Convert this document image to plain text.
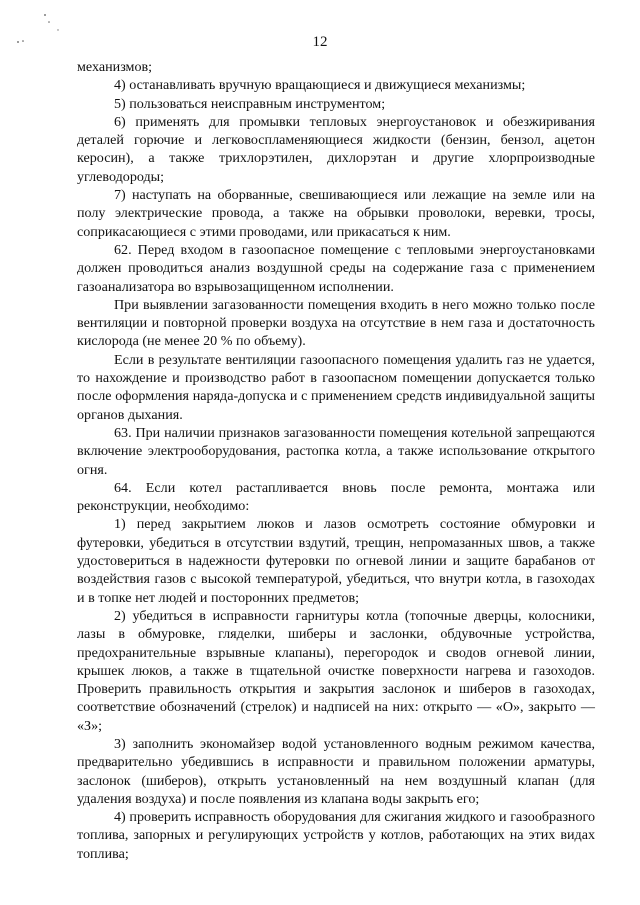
12

механизмов;

4) останавливать вручную вращающиеся и движущиеся механизмы;

5) пользоваться неисправным инструментом;

6) применять для промывки тепловых энергоустановок и обезжиривания деталей горючие и легковоспламеняющиеся жидкости (бензин, бензол, ацетон керосин), а также трихлорэтилен, дихлорэтан и другие хлорпроизводные углеводороды;

7) наступать на оборванные, свешивающиеся или лежащие на земле или на полу электрические провода, а также на обрывки проволоки, веревки, тросы, соприкасающиеся с этими проводами, или прикасаться к ним.

62. Перед входом в газоопасное помещение с тепловыми энергоустановками должен проводиться анализ воздушной среды на содержание газа с применением газоанализатора во взрывозащищенном исполнении.

При выявлении загазованности помещения входить в него можно только после вентиляции и повторной проверки воздуха на отсутствие в нем газа и достаточность кислорода (не менее 20 % по объему).

Если в результате вентиляции газоопасного помещения удалить газ не удается, то нахождение и производство работ в газоопасном помещении допускается только после оформления наряда-допуска и с применением средств индивидуальной защиты органов дыхания.

63. При наличии признаков загазованности помещения котельной запрещаются включение электрооборудования, растопка котла, а также использование открытого огня.

64. Если котел растапливается вновь после ремонта, монтажа или реконструкции, необходимо:

1) перед закрытием люков и лазов осмотреть состояние обмуровки и футеровки, убедиться в отсутствии вздутий, трещин, непромазанных швов, а также удостовериться в надежности футеровки по огневой линии и защите барабанов от воздействия газов с высокой температурой, убедиться, что внутри котла, в газоходах и в топке нет людей и посторонних предметов;

2) убедиться в исправности гарнитуры котла (топочные дверцы, колосники, лазы в обмуровке, гляделки, шиберы и заслонки, обдувочные устройства, предохранительные взрывные клапаны), перегородок и сводов огневой линии, крышек люков, а также в тщательной очистке поверхности нагрева и газоходов. Проверить правильность открытия и закрытия заслонок и шиберов в газоходах, соответствие обозначений (стрелок) и надписей на них: открыто — «О», закрыто — «З»;

3) заполнить экономайзер водой установленного водным режимом качества, предварительно убедившись в исправности и правильном положении арматуры, заслонок (шиберов), открыть установленный на нем воздушный клапан (для удаления воздуха) и после появления из клапана воды закрыть его;

4) проверить исправность оборудования для сжигания жидкого и газообразного топлива, запорных и регулирующих устройств у котлов, работающих на этих видах топлива;
